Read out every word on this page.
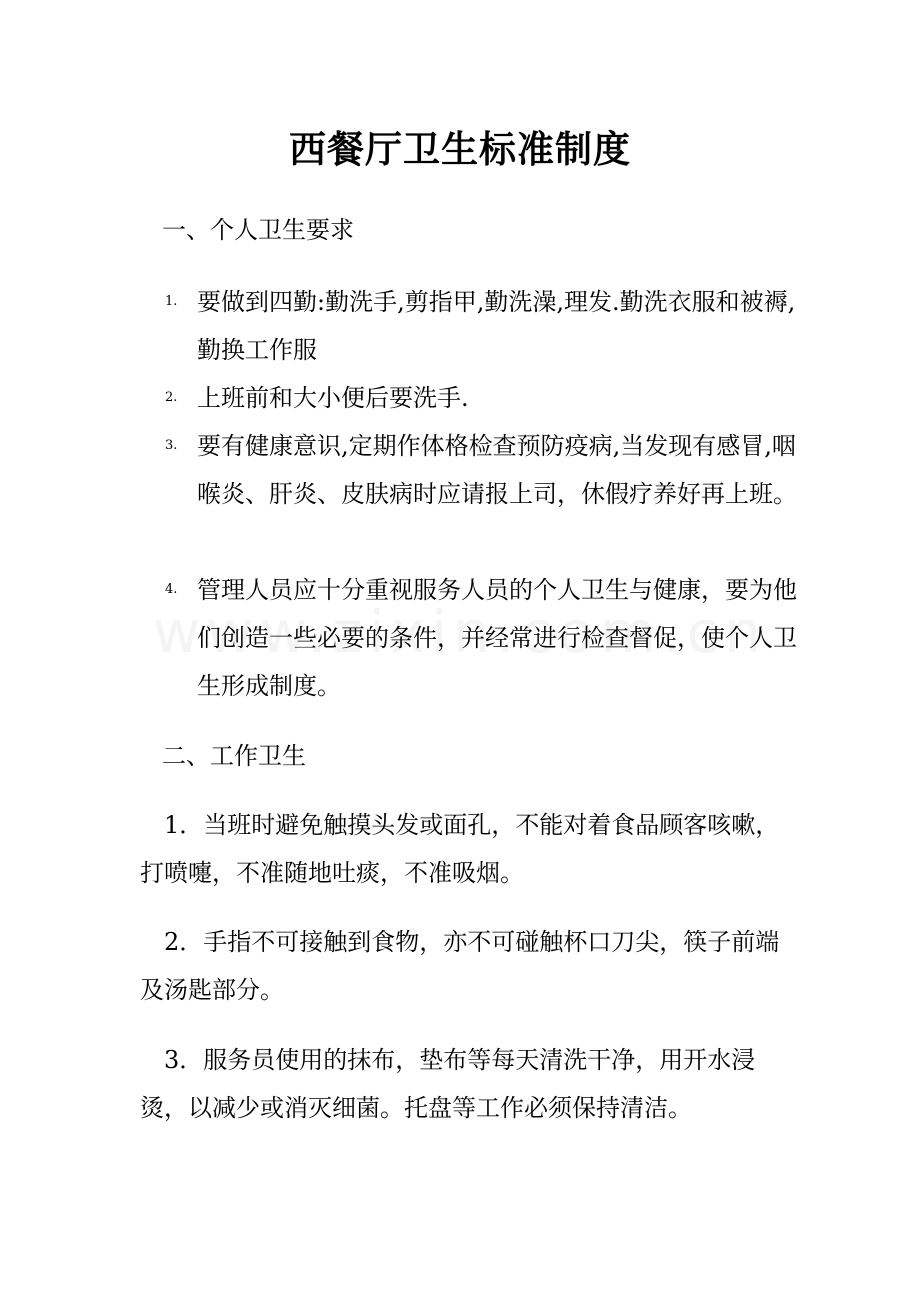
西餐厅卫生标准制度
一、个人卫生要求
1. 要做到四勤:勤洗手,剪指甲,勤洗澡,理发.勤洗衣服和被褥,勤换工作服
2. 上班前和大小便后要洗手.
3. 要有健康意识,定期作体格检查预防疫病,当发现有感冒,咽喉炎、肝炎、皮肤病时应请报上司，休假疗养好再上班。
4. 管理人员应十分重视服务人员的个人卫生与健康，要为他们创造一些必要的条件，并经常进行检查督促，使个人卫生形成制度。
二、工作卫生
1．当班时避免触摸头发或面孔，不能对着食品顾客咳嗽，打喷嚏，不准随地吐痰，不准吸烟。
2．手指不可接触到食物，亦不可碰触杯口刀尖，筷子前端及汤匙部分。
3．服务员使用的抹布，垫布等每天清洗干净，用开水浸烫，以减少或消灭细菌。托盘等工作必须保持清洁。
